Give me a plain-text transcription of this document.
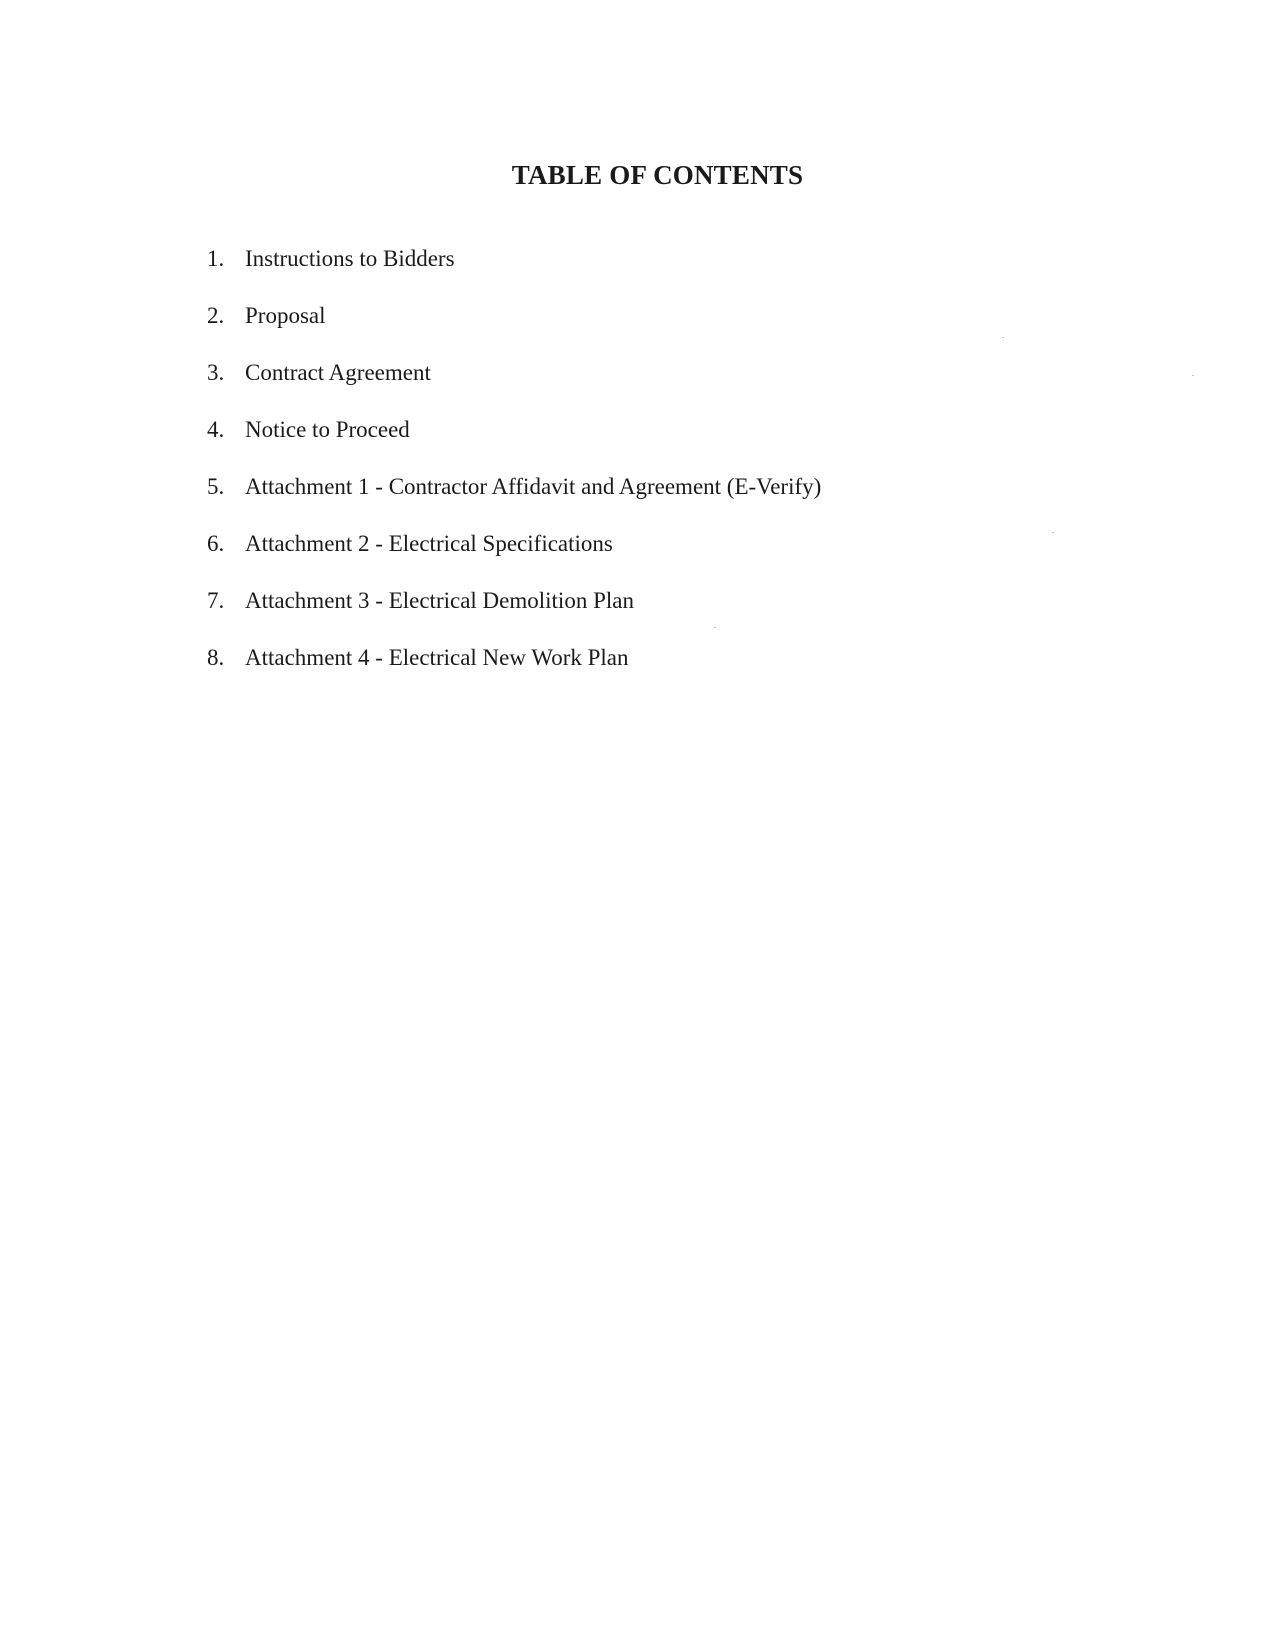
TABLE OF CONTENTS
1. Instructions to Bidders
2. Proposal
3. Contract Agreement
4. Notice to Proceed
5. Attachment 1 - Contractor Affidavit and Agreement (E-Verify)
6. Attachment 2 - Electrical Specifications
7. Attachment 3 - Electrical Demolition Plan
8. Attachment 4 - Electrical New Work Plan
